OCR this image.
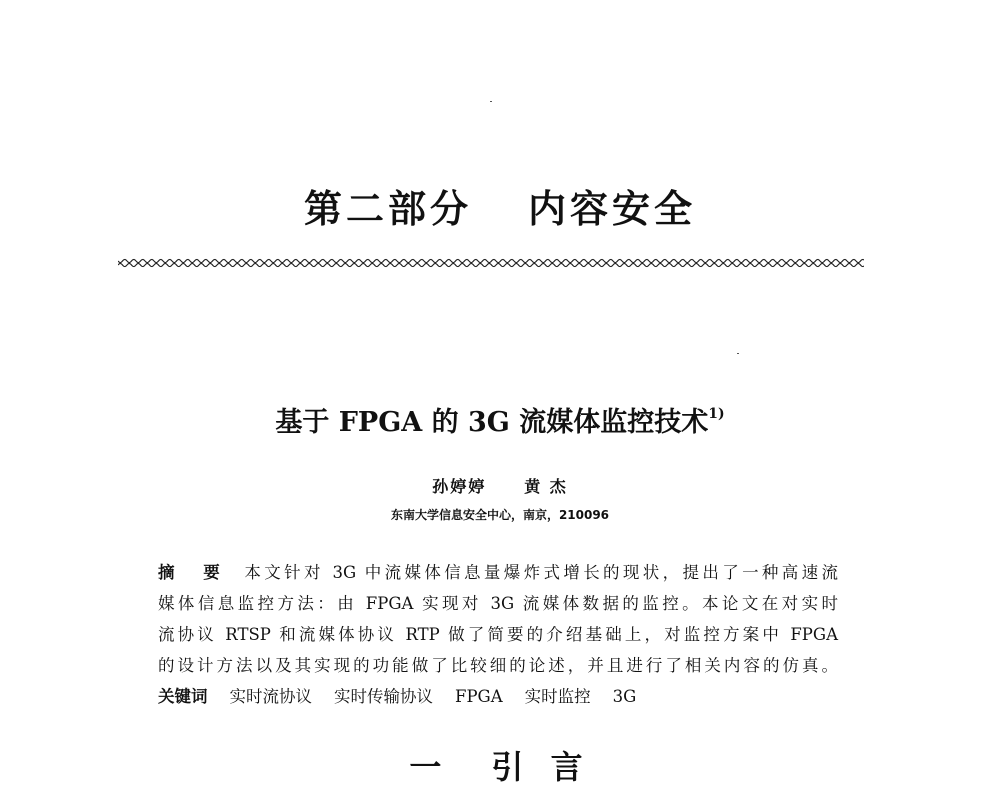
第二部分 内容安全
基于 FPGA 的 3G 流媒体监控技术$^{1)}$
孙婷婷 黄 杰
东南大学信息安全中心，南京，210096
摘 要 本文针对 3G 中流媒体信息量爆炸式增长的现状，提出了一种高速流
媒体信息监控方法：由 FPGA 实现对 3G 流媒体数据的监控。本论文在对实时
流协议 RTSP 和流媒体协议 RTP 做了简要的介绍基础上，对监控方案中 FPGA
的设计方法以及其实现的功能做了比较细的论述，并且进行了相关内容的仿真。
关键词 实时流协议 实时传输协议 FPGA 实时监控 3G
一 引 言
